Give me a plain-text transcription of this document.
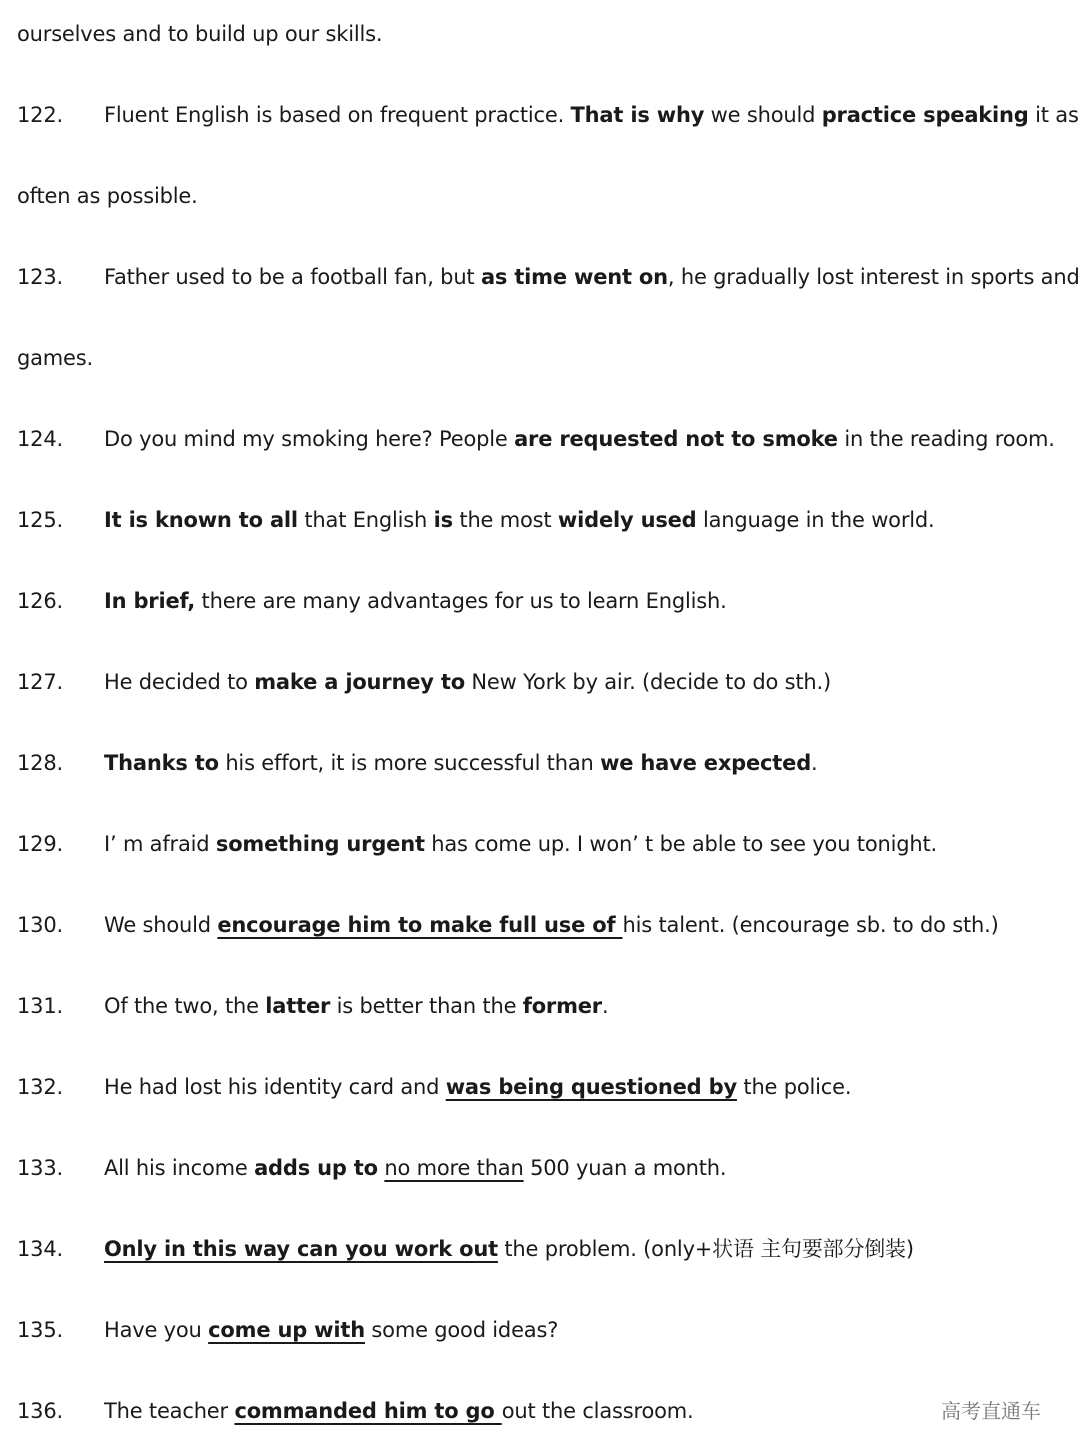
ourselves and to build up our skills.
122.	Fluent English is based on frequent practice. That is why we should practice speaking it as
often as possible.
123.	Father used to be a football fan, but as time went on, he gradually lost interest in sports and
games.
124.	Do you mind my smoking here? People are requested not to smoke in the reading room.
125.	It is known to all that English is the most widely used language in the world.
126.	In brief, there are many advantages for us to learn English.
127.	He decided to make a journey to New York by air. (decide to do sth.)
128.	Thanks to his effort, it is more successful than we have expected.
129.	I’ m afraid something urgent has come up. I won’ t be able to see you tonight.
130.	We should encourage him to make full use of his talent. (encourage sb. to do sth.)
131.	Of the two, the latter is better than the former.
132.	He had lost his identity card and was being questioned by the police.
133.	All his income adds up to no more than 500 yuan a month.
134.	Only in this way can you work out the problem. (only+状语 主句要部分倒装)
135.	Have you come up with some good ideas?
136.	The teacher commanded him to go out the classroom.	高考直通车
